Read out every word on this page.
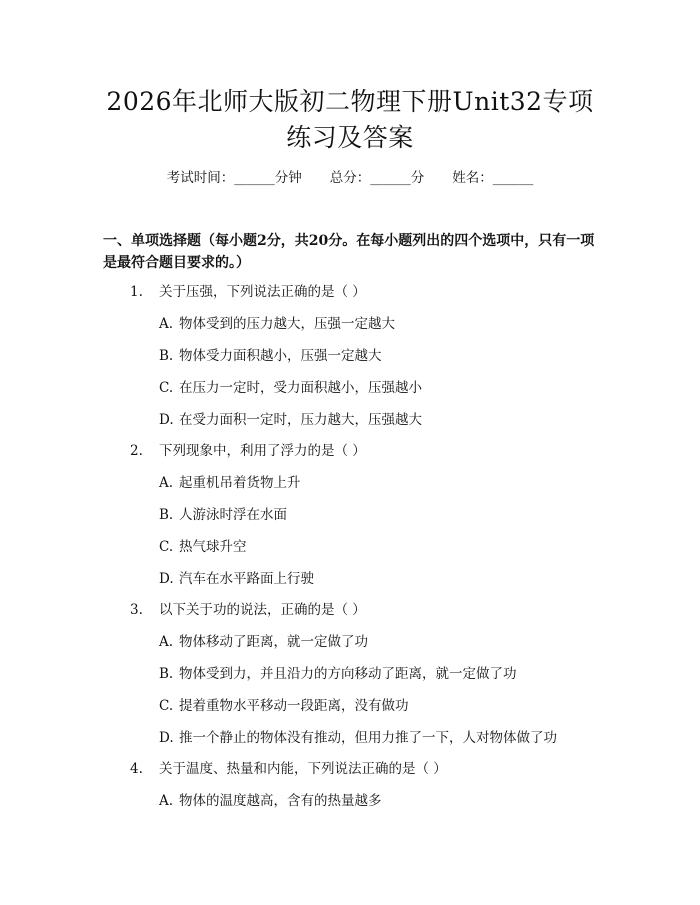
2026年北师大版初二物理下册Unit32专项
练习及答案
考试时间：______分钟 总分：______分 姓名：______
一、单项选择题（每小题2分，共20分。在每小题列出的四个选项中，只有一项是最符合题目要求的。）
1. 关于压强，下列说法正确的是（ ）
A. 物体受到的压力越大，压强一定越大
B. 物体受力面积越小，压强一定越大
C. 在压力一定时，受力面积越小，压强越小
D. 在受力面积一定时，压力越大，压强越大
2. 下列现象中，利用了浮力的是（ ）
A. 起重机吊着货物上升
B. 人游泳时浮在水面
C. 热气球升空
D. 汽车在水平路面上行驶
3. 以下关于功的说法，正确的是（ ）
A. 物体移动了距离，就一定做了功
B. 物体受到力，并且沿力的方向移动了距离，就一定做了功
C. 提着重物水平移动一段距离，没有做功
D. 推一个静止的物体没有推动，但用力推了一下，人对物体做了功
4. 关于温度、热量和内能，下列说法正确的是（ ）
A. 物体的温度越高，含有的热量越多
